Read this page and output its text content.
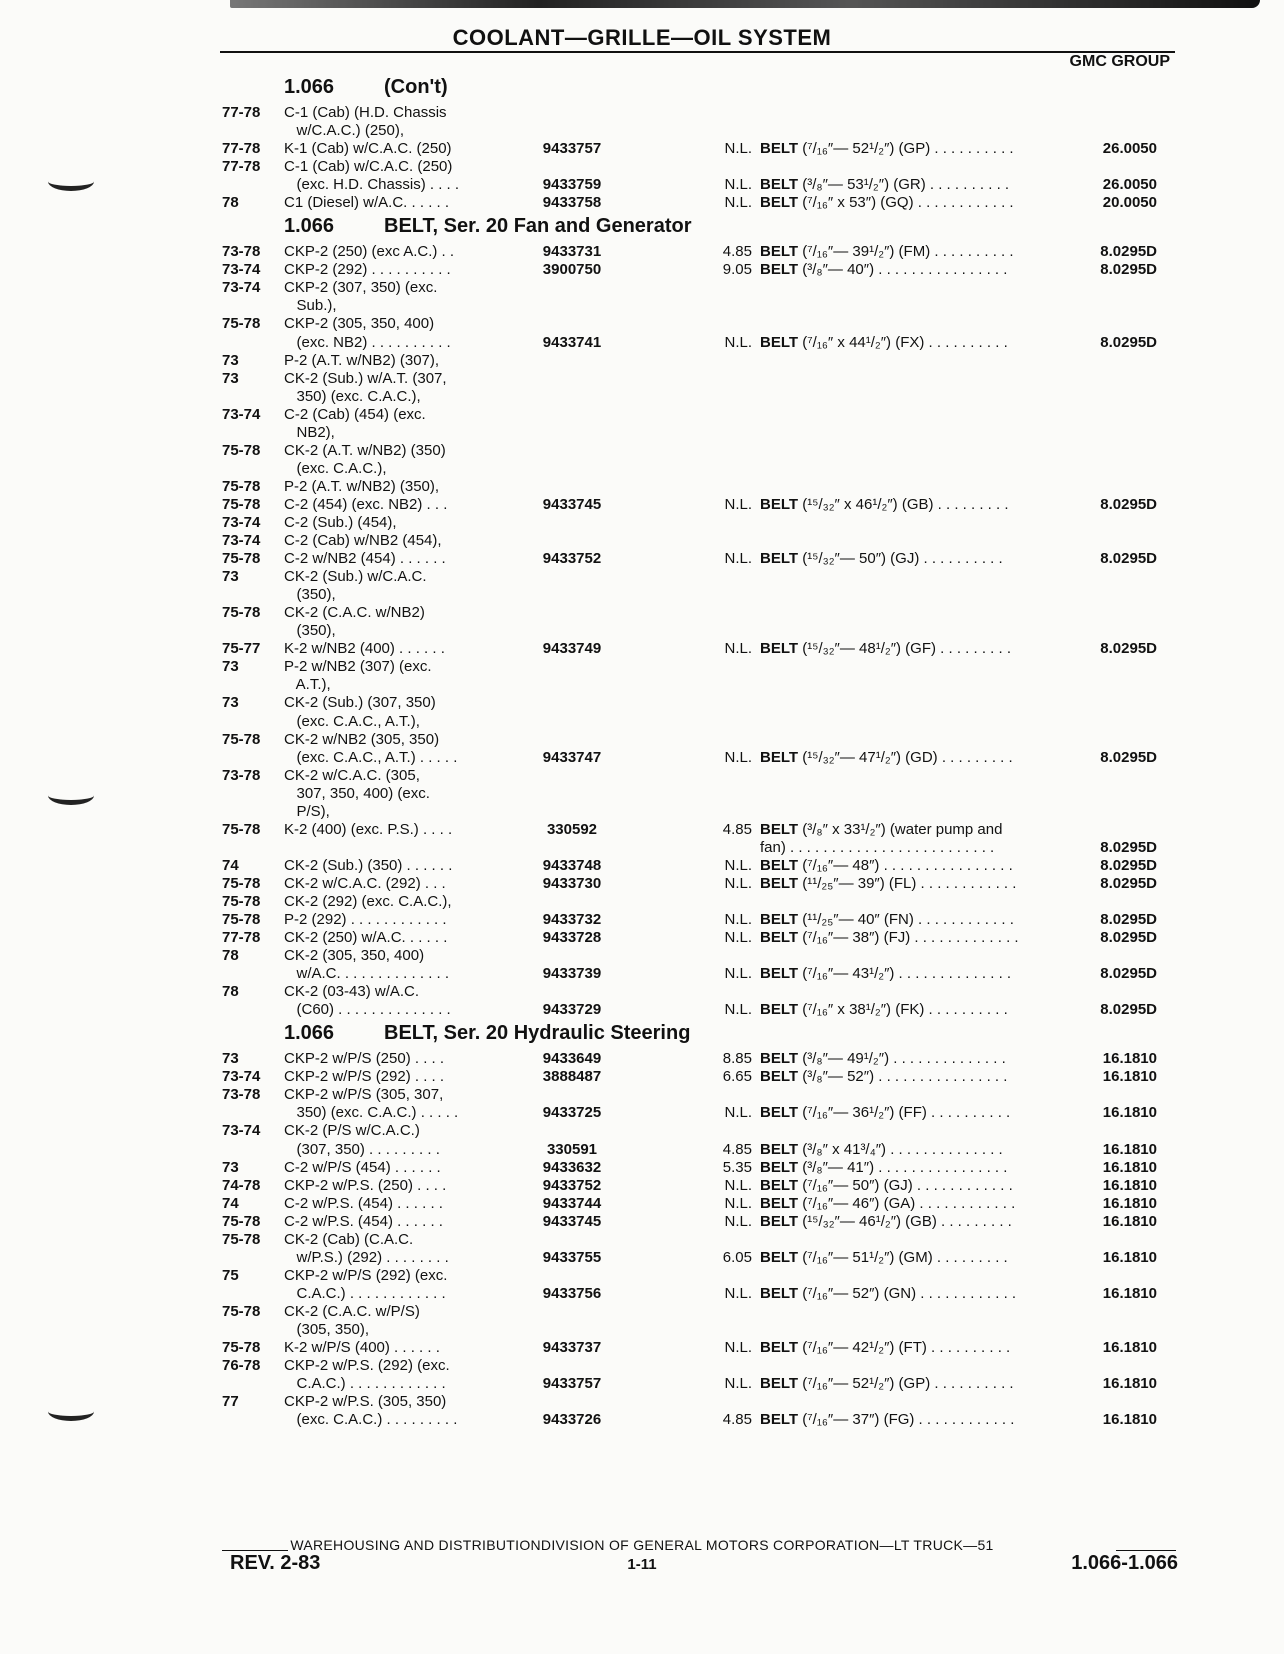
COOLANT—GRILLE—OIL SYSTEM
GMC GROUP
1.066 (Con't)
77-78 C-1 (Cab) (H.D. Chassis
w/C.A.C.) (250),
77-78 K-1 (Cab) w/C.A.C. (250)	9433757	N.L. BELT (⁷/₁₆″— 52¹/₂″) (GP) . . . . . . . . . .	26.0050
77-78 C-1 (Cab) w/C.A.C. (250)
(exc. H.D. Chassis) . . . .	9433759	N.L. BELT (³/₈″— 53¹/₂″) (GR) . . . . . . . . . .	26.0050
78	C1 (Diesel) w/A.C. . . . . .	9433758	N.L. BELT (⁷/₁₆″ x 53″) (GQ) . . . . . . . . . . . .	20.0050
1.066 BELT, Ser. 20 Fan and Generator
73-78 CKP-2 (250) (exc A.C.) . .	9433731	4.85 BELT (⁷/₁₆″— 39¹/₂″) (FM) . . . . . . . . . .	8.0295D
73-74 CKP-2 (292) . . . . . . . . . .	3900750	9.05 BELT (³/₈″— 40″) . . . . . . . . . . . . . . . .	8.0295D
73-74 CKP-2 (307, 350) (exc.
Sub.),
75-78 CKP-2 (305, 350, 400)
(exc. NB2) . . . . . . . . . .	9433741	N.L. BELT (⁷/₁₆″ x 44¹/₂″) (FX) . . . . . . . . . .	8.0295D
73	P-2 (A.T. w/NB2) (307),
73	CK-2 (Sub.) w/A.T. (307,
350) (exc. C.A.C.),
73-74 C-2 (Cab) (454) (exc.
NB2),
75-78 CK-2 (A.T. w/NB2) (350)
(exc. C.A.C.),
75-78 P-2 (A.T. w/NB2) (350),
75-78 C-2 (454) (exc. NB2) . . .	9433745	N.L. BELT (¹⁵/₃₂″ x 46¹/₂″) (GB) . . . . . . . . .	8.0295D
73-74 C-2 (Sub.) (454),
73-74 C-2 (Cab) w/NB2 (454),
75-78 C-2 w/NB2 (454) . . . . . .	9433752	N.L. BELT (¹⁵/₃₂″— 50″) (GJ) . . . . . . . . . .	8.0295D
73	CK-2 (Sub.) w/C.A.C.
(350),
75-78 CK-2 (C.A.C. w/NB2)
(350),
75-77 K-2 w/NB2 (400) . . . . . .	9433749	N.L. BELT (¹⁵/₃₂″— 48¹/₂″) (GF) . . . . . . . . .	8.0295D
73	P-2 w/NB2 (307) (exc.
A.T.),
73	CK-2 (Sub.) (307, 350)
(exc. C.A.C., A.T.),
75-78 CK-2 w/NB2 (305, 350)
(exc. C.A.C., A.T.) . . . . .	9433747	N.L. BELT (¹⁵/₃₂″— 47¹/₂″) (GD) . . . . . . . . .	8.0295D
73-78 CK-2 w/C.A.C. (305,
307, 350, 400) (exc.
P/S),
75-78 K-2 (400) (exc. P.S.) . . . .	330592	4.85 BELT (³/₈″ x 33¹/₂″) (water pump and
fan) . . . . . . . . . . . . . . . . . . . . . . . . .	8.0295D
74	CK-2 (Sub.) (350) . . . . . .	9433748	N.L. BELT (⁷/₁₆″— 48″) . . . . . . . . . . . . . . . .	8.0295D
75-78 CK-2 w/C.A.C. (292) . . .	9433730	N.L. BELT (¹¹/₂₅″— 39″) (FL) . . . . . . . . . . . .	8.0295D
75-78 CK-2 (292) (exc. C.A.C.),
75-78 P-2 (292) . . . . . . . . . . . .	9433732	N.L. BELT (¹¹/₂₅″— 40″ (FN) . . . . . . . . . . . .	8.0295D
77-78 CK-2 (250) w/A.C. . . . . .	9433728	N.L. BELT (⁷/₁₆″— 38″) (FJ) . . . . . . . . . . . . .	8.0295D
78	CK-2 (305, 350, 400)
w/A.C. . . . . . . . . . . . . .	9433739	N.L. BELT (⁷/₁₆″— 43¹/₂″) . . . . . . . . . . . . . .	8.0295D
78	CK-2 (03-43) w/A.C.
(C60) . . . . . . . . . . . . . .	9433729	N.L. BELT (⁷/₁₆″ x 38¹/₂″) (FK) . . . . . . . . . .	8.0295D
1.066 BELT, Ser. 20 Hydraulic Steering
73	CKP-2 w/P/S (250) . . . .	9433649	8.85 BELT (³/₈″— 49¹/₂″) . . . . . . . . . . . . . .	16.1810
73-74 CKP-2 w/P/S (292) . . . .	3888487	6.65 BELT (³/₈″— 52″) . . . . . . . . . . . . . . . .	16.1810
73-78 CKP-2 w/P/S (305, 307,
350) (exc. C.A.C.) . . . . .	9433725	N.L. BELT (⁷/₁₆″— 36¹/₂″) (FF) . . . . . . . . . .	16.1810
73-74 CK-2 (P/S w/C.A.C.)
(307, 350) . . . . . . . . .	330591	4.85 BELT (³/₈″ x 41³/₄″) . . . . . . . . . . . . . .	16.1810
73	C-2 w/P/S (454) . . . . . .	9433632	5.35 BELT (³/₈″— 41″) . . . . . . . . . . . . . . . .	16.1810
74-78 CKP-2 w/P.S. (250) . . . .	9433752	N.L. BELT (⁷/₁₆″— 50″) (GJ) . . . . . . . . . . . .	16.1810
74	C-2 w/P.S. (454) . . . . . .	9433744	N.L. BELT (⁷/₁₆″— 46″) (GA) . . . . . . . . . . . .	16.1810
75-78 C-2 w/P.S. (454) . . . . . .	9433745	N.L. BELT (¹⁵/₃₂″— 46¹/₂″) (GB) . . . . . . . . .	16.1810
75-78 CK-2 (Cab) (C.A.C.
w/P.S.) (292) . . . . . . . .	9433755	6.05 BELT (⁷/₁₆″— 51¹/₂″) (GM) . . . . . . . . .	16.1810
75	CKP-2 w/P/S (292) (exc.
C.A.C.) . . . . . . . . . . . .	9433756	N.L. BELT (⁷/₁₆″— 52″) (GN) . . . . . . . . . . . .	16.1810
75-78 CK-2 (C.A.C. w/P/S)
(305, 350),
75-78 K-2 w/P/S (400) . . . . . .	9433737	N.L. BELT (⁷/₁₆″— 42¹/₂″) (FT) . . . . . . . . . .	16.1810
76-78 CKP-2 w/P.S. (292) (exc.
C.A.C.) . . . . . . . . . . . .	9433757	N.L. BELT (⁷/₁₆″— 52¹/₂″) (GP) . . . . . . . . . .	16.1810
77	CKP-2 w/P.S. (305, 350)
(exc. C.A.C.) . . . . . . . . .	9433726	4.85 BELT (⁷/₁₆″— 37″) (FG) . . . . . . . . . . . .	16.1810
WAREHOUSING AND DISTRIBUTIONDIVISION OF GENERAL MOTORS CORPORATION—LT TRUCK—51
REV. 2-83	1-11	1.066-1.066
